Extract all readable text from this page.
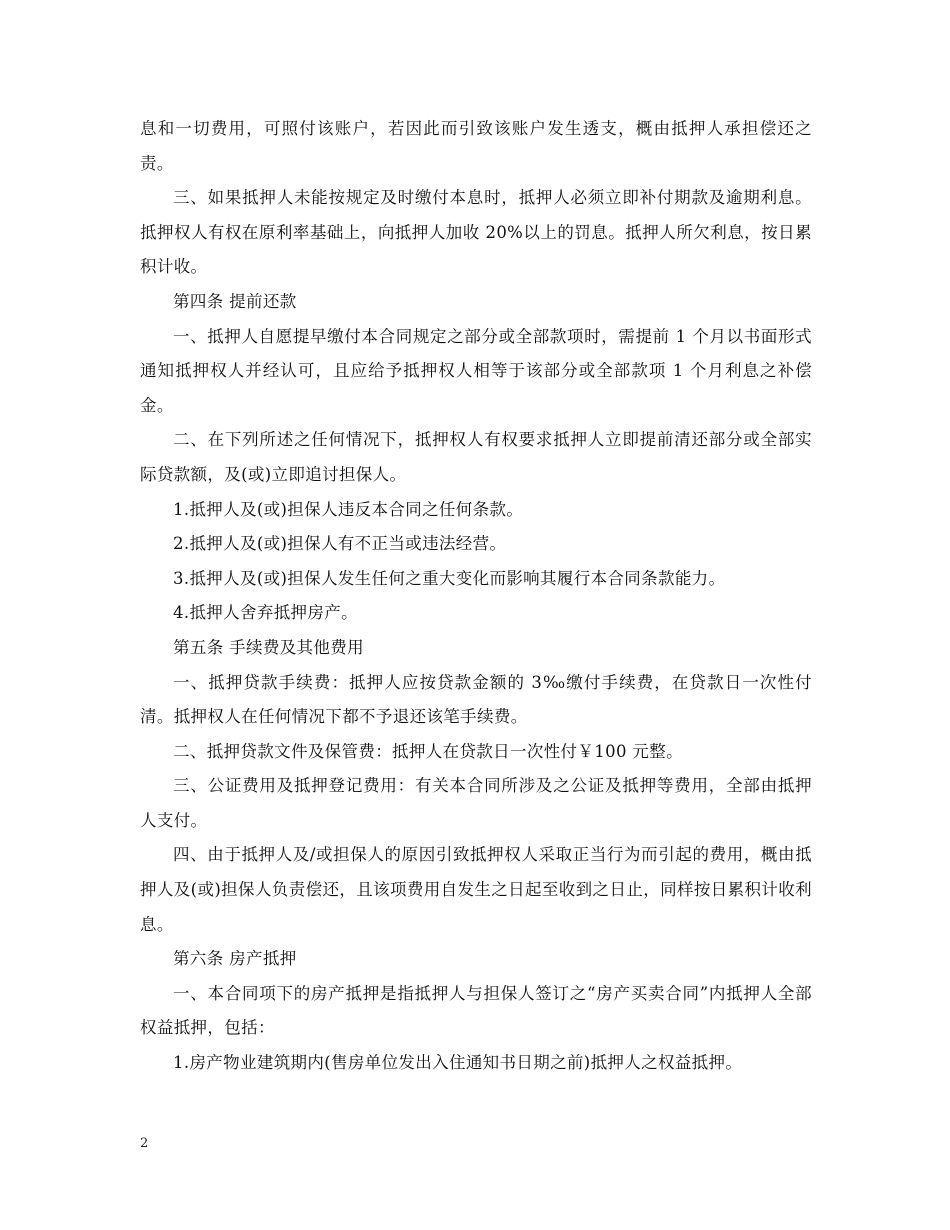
息和一切费用，可照付该账户，若因此而引致该账户发生透支，概由抵押人承担偿还之责。

三、如果抵押人未能按规定及时缴付本息时，抵押人必须立即补付期款及逾期利息。抵押权人有权在原利率基础上，向抵押人加收 20%以上的罚息。抵押人所欠利息，按日累积计收。

第四条 提前还款

一、抵押人自愿提早缴付本合同规定之部分或全部款项时，需提前 1 个月以书面形式通知抵押权人并经认可，且应给予抵押权人相等于该部分或全部款项 1 个月利息之补偿金。

二、在下列所述之任何情况下，抵押权人有权要求抵押人立即提前清还部分或全部实际贷款额，及(或)立即追讨担保人。

1.抵押人及(或)担保人违反本合同之任何条款。

2.抵押人及(或)担保人有不正当或违法经营。

3.抵押人及(或)担保人发生任何之重大变化而影响其履行本合同条款能力。

4.抵押人舍弃抵押房产。

第五条 手续费及其他费用

一、抵押贷款手续费：抵押人应按贷款金额的 3‰缴付手续费，在贷款日一次性付清。抵押权人在任何情况下都不予退还该笔手续费。

二、抵押贷款文件及保管费：抵押人在贷款日一次性付￥100 元整。

三、公证费用及抵押登记费用：有关本合同所涉及之公证及抵押等费用，全部由抵押人支付。

四、由于抵押人及/或担保人的原因引致抵押权人采取正当行为而引起的费用，概由抵押人及(或)担保人负责偿还，且该项费用自发生之日起至收到之日止，同样按日累积计收利息。

第六条 房产抵押

一、本合同项下的房产抵押是指抵押人与担保人签订之“房产买卖合同”内抵押人全部权益抵押，包括：

1.房产物业建筑期内(售房单位发出入住通知书日期之前)抵押人之权益抵押。

2
